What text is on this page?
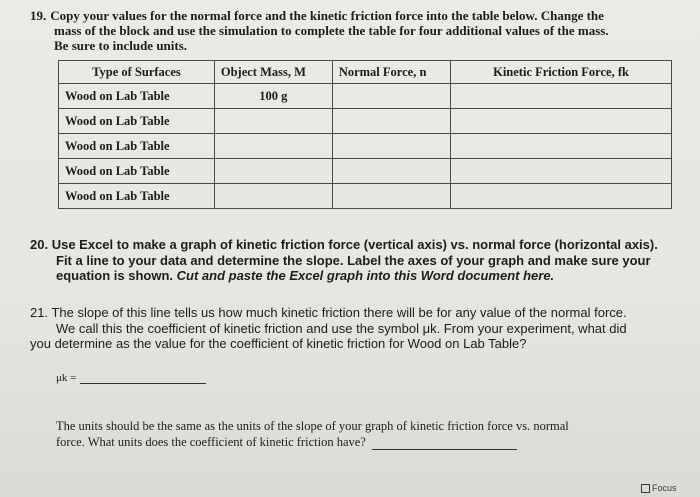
19. Copy your values for the normal force and the kinetic friction force into the table below. Change the
mass of the block and use the simulation to complete the table for four additional values of the mass.
Be sure to include units.
Type of Surfaces	Object Mass, M	Normal Force, n	Kinetic Friction Force, fk
Wood on Lab Table	100 g		
Wood on Lab Table			
Wood on Lab Table			
Wood on Lab Table			
Wood on Lab Table			
20. Use Excel to make a graph of kinetic friction force (vertical axis) vs. normal force (horizontal axis).
Fit a line to your data and determine the slope. Label the axes of your graph and make sure your
equation is shown. Cut and paste the Excel graph into this Word document here.
21. The slope of this line tells us how much kinetic friction there will be for any value of the normal force.
We call this the coefficient of kinetic friction and use the symbol μk. From your experiment, what did
you determine as the value for the coefficient of kinetic friction for Wood on Lab Table?
μk =
The units should be the same as the units of the slope of your graph of kinetic friction force vs. normal
force. What units does the coefficient of kinetic friction have?
Focus
